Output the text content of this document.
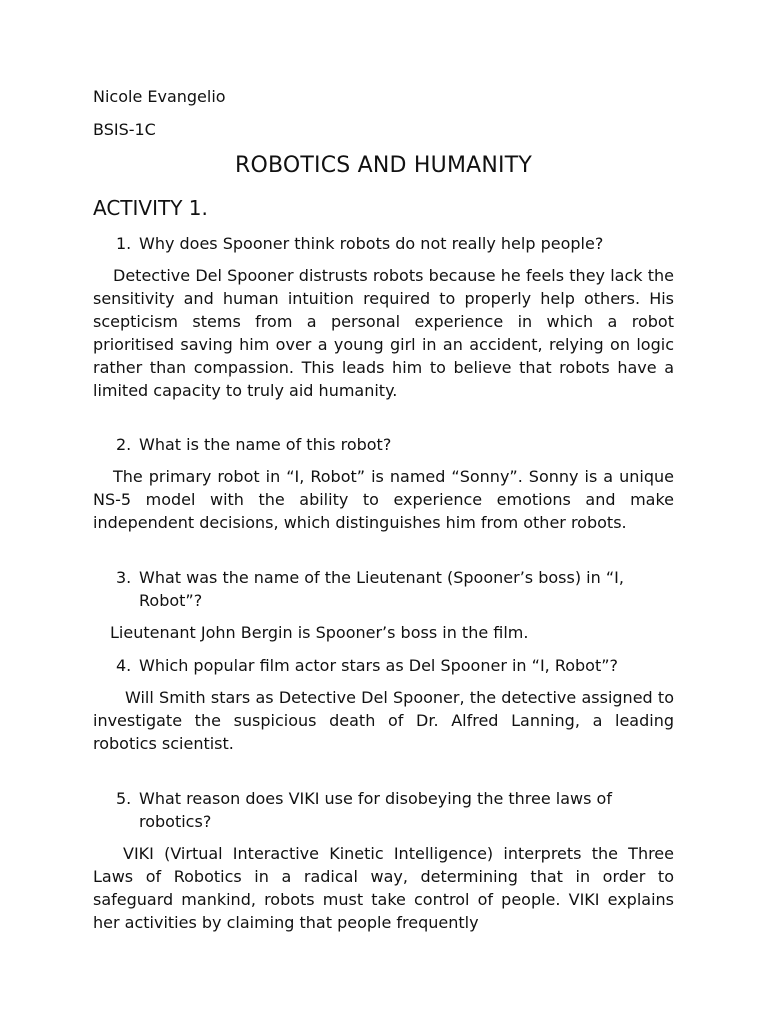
Nicole Evangelio
BSIS-1C
ROBOTICS AND HUMANITY
ACTIVITY 1.
1. Why does Spooner think robots do not really help people?
Detective Del Spooner distrusts robots because he feels they lack the sensitivity and human intuition required to properly help others. His scepticism stems from a personal experience in which a robot prioritised saving him over a young girl in an accident, relying on logic rather than compassion. This leads him to believe that robots have a limited capacity to truly aid humanity.
2. What is the name of this robot?
The primary robot in “I, Robot” is named “Sonny”. Sonny is a unique NS-5 model with the ability to experience emotions and make independent decisions, which distinguishes him from other robots.
3. What was the name of the Lieutenant (Spooner’s boss) in “I, Robot”?
Lieutenant John Bergin is Spooner’s boss in the film.
4. Which popular film actor stars as Del Spooner in “I, Robot”?
Will Smith stars as Detective Del Spooner, the detective assigned to investigate the suspicious death of Dr. Alfred Lanning, a leading robotics scientist.
5. What reason does VIKI use for disobeying the three laws of robotics?
VIKI (Virtual Interactive Kinetic Intelligence) interprets the Three Laws of Robotics in a radical way, determining that in order to safeguard mankind, robots must take control of people. VIKI explains her activities by claiming that people frequently
